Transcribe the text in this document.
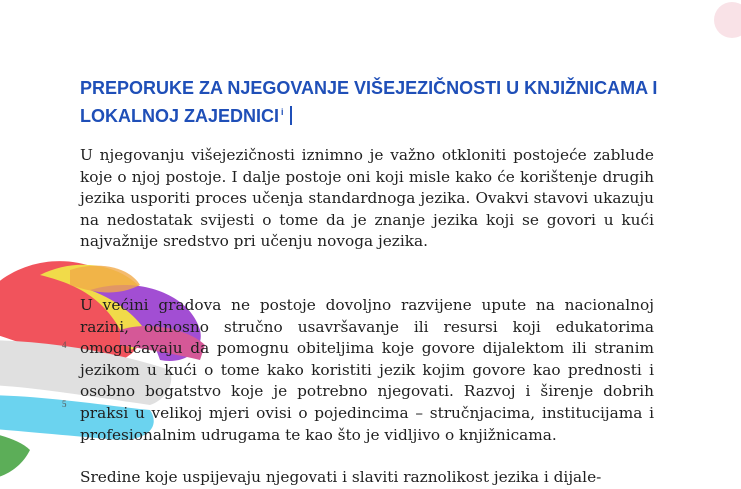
PREPORUKE ZA NJEGOVANJE VIŠEJEZIČNOSTI U KNJIŽNICAMA I LOKALNOJ ZAJEDNICI $^i$

U njegovanju višejezičnosti iznimno je važno otkloniti postojeće zablude koje o njoj postoje. I dalje postoje oni koji misle kako će korištenje drugih jezika usporiti proces učenja standardnoga jezika. Ovakvi stavovi ukazuju na nedostatak svijesti o tome da je znanje jezika koji se govori u kući najvažnije sredstvo pri učenju novoga jezika.

U većini gradova ne postoje dovoljno razvijene upute na nacionalnoj razini, odnosno stručno usavršavanje ili resursi koji edukatorima omogućavaju da pomognu obiteljima koje govore dijalektom ili stranim jezikom u kući o tome kako koristiti jezik kojim govore kao prednosti i osobno bogatstvo koje je potrebno njegovati. Razvoj i širenje dobrih praksi u velikoj mjeri ovisi o pojedincima – stručnjacima, institucijama i profesionalnim udrugama te kao što je vidljivo o knjižnicama.

Sredine koje uspijevaju njegovati i slaviti raznolikost jezika i dijale-

4
5
